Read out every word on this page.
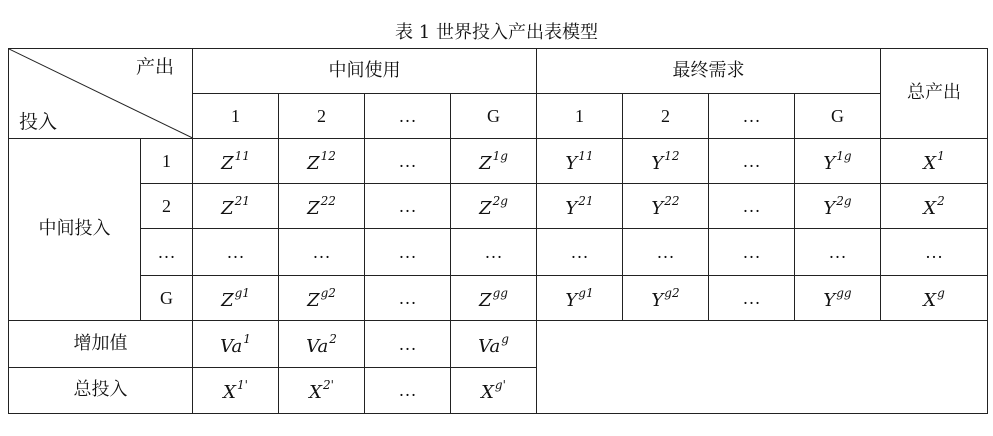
表 1 世界投入产出表模型
产出
投入		中间使用				最终需求				总产出
		1	2	…	G	1	2	…	G	
中间投入	1	$Z^{11}$	$Z^{12}$	…	$Z^{1g}$	$Y^{11}$	$Y^{12}$	…	$Y^{1g}$	$X^1$
	2	$Z^{21}$	$Z^{22}$	…	$Z^{2g}$	$Y^{21}$	$Y^{22}$	…	$Y^{2g}$	$X^2$
	…	…	…	…	…	…	…	…	…	…
	G	$Z^{g1}$	$Z^{g2}$	…	$Z^{gg}$	$Y^{g1}$	$Y^{g2}$	…	$Y^{gg}$	$X^g$
增加值		Va$^1$	Va$^2$	…	Va$^g$	
总投入		$X^{1'}$	$X^{2'}$	…	$X^{g'}$
